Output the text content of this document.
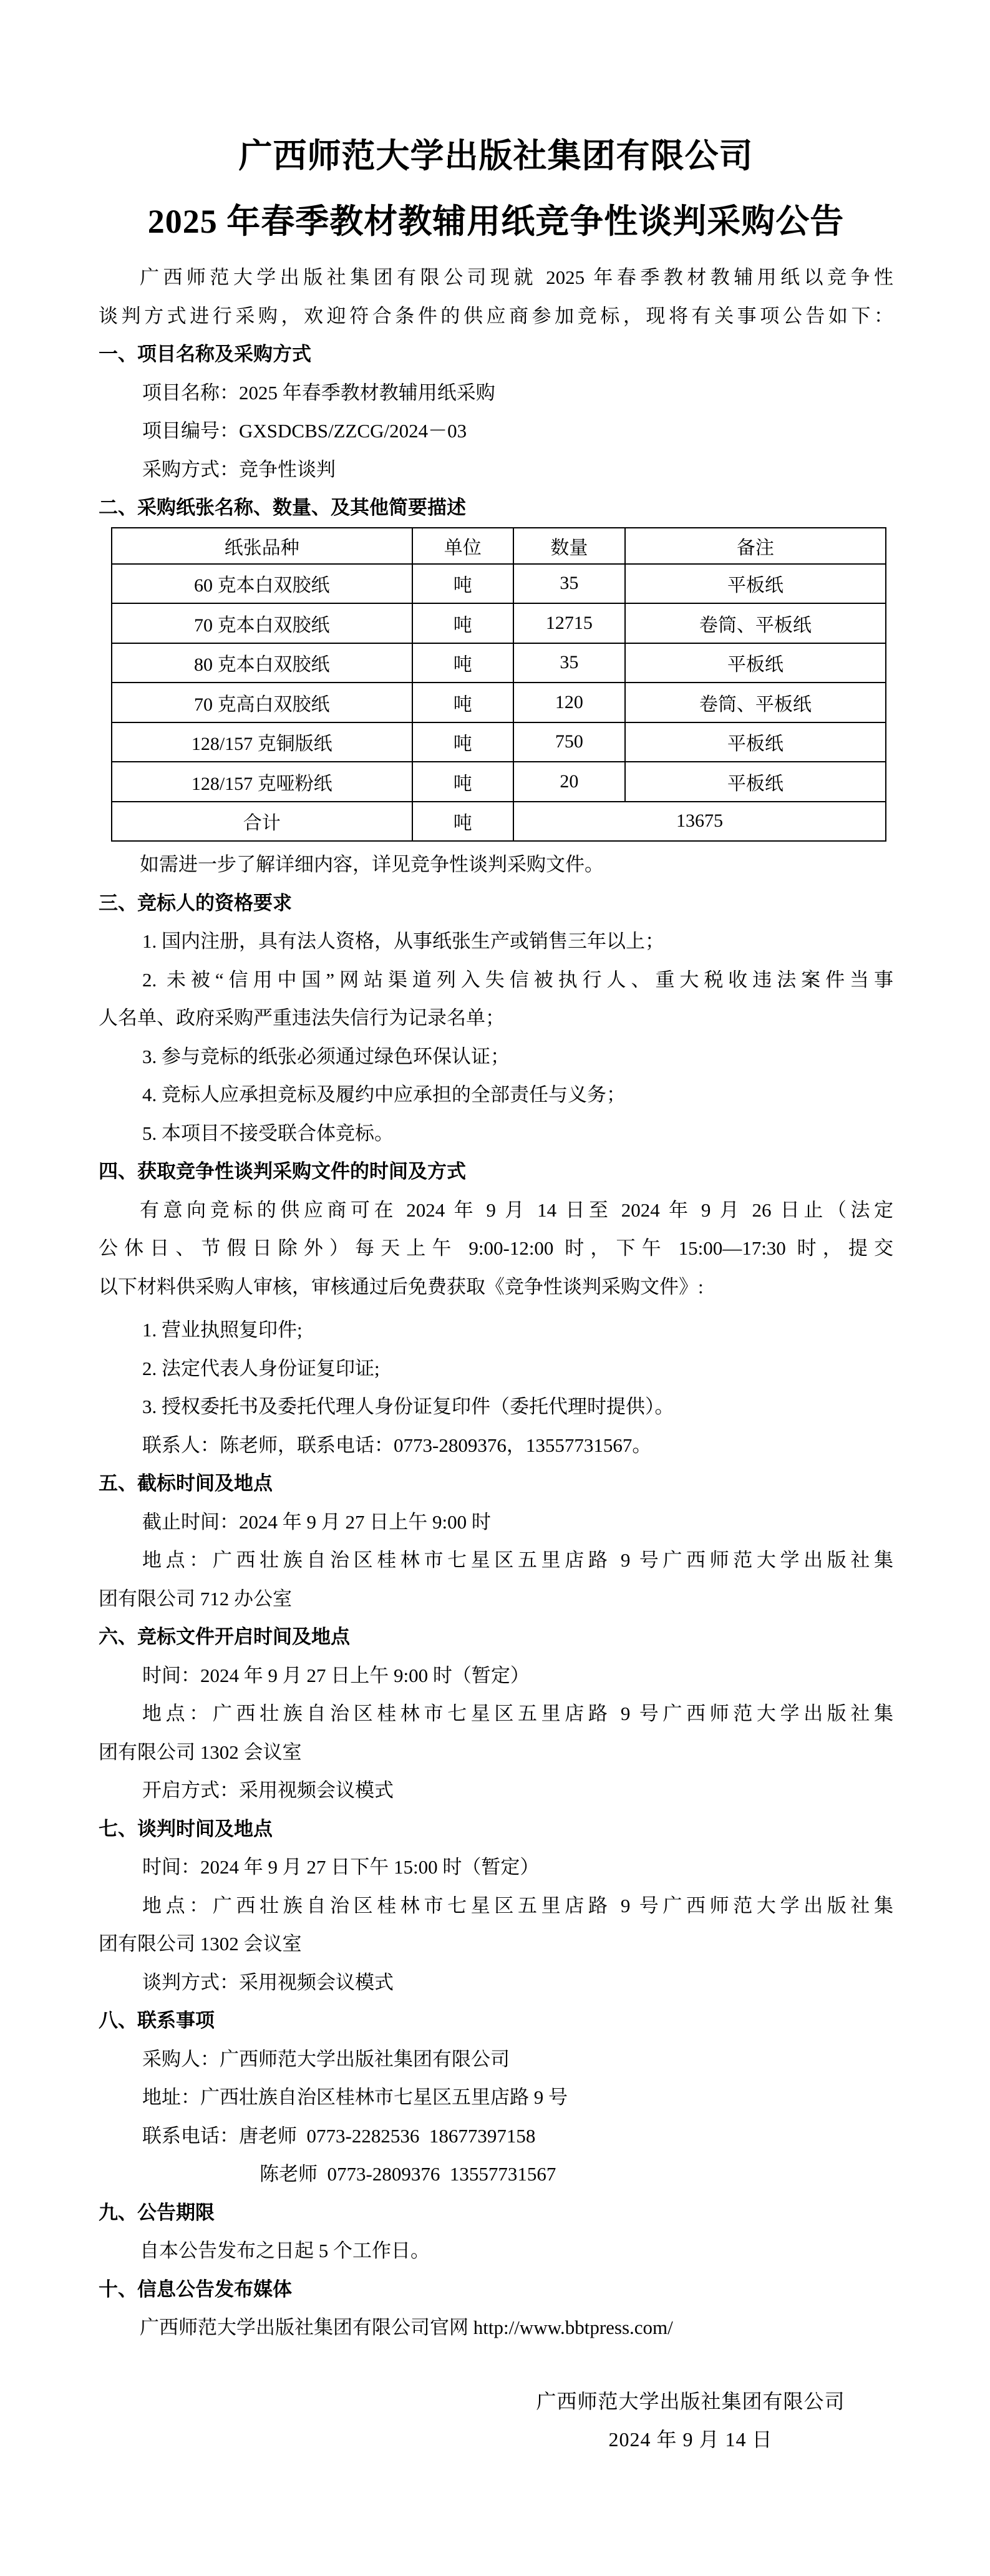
广西师范大学出版社集团有限公司
2025 年春季教材教辅用纸竞争性谈判采购公告
广西师范大学出版社集团有限公司现就 2025 年春季教材教辅用纸以竞争性
谈判方式进行采购，欢迎符合条件的供应商参加竞标，现将有关事项公告如下：
一、项目名称及采购方式
项目名称：2025 年春季教材教辅用纸采购
项目编号：GXSDCBS/ZZCG/2024－03
采购方式：竞争性谈判
二、采购纸张名称、数量、及其他简要描述
纸张品种	单位	数量	备注
60 克本白双胶纸	吨	35	平板纸
70 克本白双胶纸	吨	12715	卷筒、平板纸
80 克本白双胶纸	吨	35	平板纸
70 克高白双胶纸	吨	120	卷筒、平板纸
128/157 克铜版纸	吨	750	平板纸
128/157 克哑粉纸	吨	20	平板纸
合计	吨	13675	
如需进一步了解详细内容，详见竞争性谈判采购文件。
三、竞标人的资格要求
1. 国内注册，具有法人资格，从事纸张生产或销售三年以上；
2. 未被“信用中国”网站渠道列入失信被执行人、重大税收违法案件当事
人名单、政府采购严重违法失信行为记录名单；
3. 参与竞标的纸张必须通过绿色环保认证；
4. 竞标人应承担竞标及履约中应承担的全部责任与义务；
5. 本项目不接受联合体竞标。
四、获取竞争性谈判采购文件的时间及方式
有意向竞标的供应商可在 2024 年 9 月 14 日至 2024 年 9 月 26 日止（法定
公休日、节假日除外）每天上午 9:00-12:00 时，下午 15:00—17:30 时，提交
以下材料供采购人审核，审核通过后免费获取《竞争性谈判采购文件》:
1. 营业执照复印件;
2. 法定代表人身份证复印证;
3. 授权委托书及委托代理人身份证复印件（委托代理时提供）。
联系人：陈老师，联系电话：0773-2809376，13557731567。
五、截标时间及地点
截止时间：2024 年 9 月 27 日上午 9:00 时
地点：广西壮族自治区桂林市七星区五里店路 9 号广西师范大学出版社集
团有限公司 712 办公室
六、竞标文件开启时间及地点
时间：2024 年 9 月 27 日上午 9:00 时（暂定）
地点：广西壮族自治区桂林市七星区五里店路 9 号广西师范大学出版社集
团有限公司 1302 会议室
开启方式：采用视频会议模式
七、谈判时间及地点
时间：2024 年 9 月 27 日下午 15:00 时（暂定）
地点：广西壮族自治区桂林市七星区五里店路 9 号广西师范大学出版社集
团有限公司 1302 会议室
谈判方式：采用视频会议模式
八、联系事项
采购人：广西师范大学出版社集团有限公司
地址：广西壮族自治区桂林市七星区五里店路 9 号
联系电话：唐老师  0773-2282536  18677397158
陈老师  0773-2809376  13557731567
九、公告期限
自本公告发布之日起 5 个工作日。
十、信息公告发布媒体
广西师范大学出版社集团有限公司官网 http://www.bbtpress.com/
广西师范大学出版社集团有限公司
2024 年 9 月 14 日
